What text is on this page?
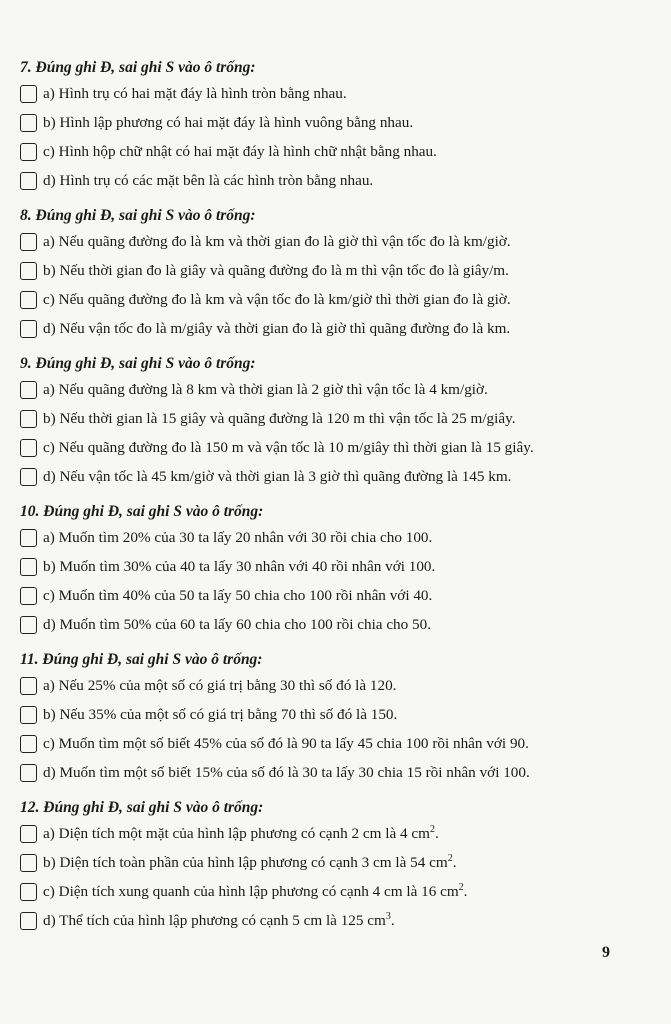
7. Đúng ghi Đ, sai ghi S vào ô trống:
a) Hình trụ có hai mặt đáy là hình tròn bằng nhau.
b) Hình lập phương có hai mặt đáy là hình vuông bằng nhau.
c) Hình hộp chữ nhật có hai mặt đáy là hình chữ nhật bằng nhau.
d) Hình trụ có các mặt bên là các hình tròn bằng nhau.
8. Đúng ghi Đ, sai ghi S vào ô trống:
a) Nếu quãng đường đo là km và thời gian đo là giờ thì vận tốc đo là km/giờ.
b) Nếu thời gian đo là giây và quãng đường đo là m thì vận tốc đo là giây/m.
c) Nếu quãng đường đo là km và vận tốc đo là km/giờ thì thời gian đo là giờ.
d) Nếu vận tốc đo là m/giây và thời gian đo là giờ thì quãng đường đo là km.
9. Đúng ghi Đ, sai ghi S vào ô trống:
a) Nếu quãng đường là 8 km và thời gian là 2 giờ thì vận tốc là 4 km/giờ.
b) Nếu thời gian là 15 giây và quãng đường là 120 m thì vận tốc là 25 m/giây.
c) Nếu quãng đường đo là 150 m và vận tốc là 10 m/giây thì thời gian là 15 giây.
d) Nếu vận tốc là 45 km/giờ và thời gian là 3 giờ thì quãng đường là 145 km.
10. Đúng ghi Đ, sai ghi S vào ô trống:
a) Muốn tìm 20% của 30 ta lấy 20 nhân với 30 rồi chia cho 100.
b) Muốn tìm 30% của 40 ta lấy 30 nhân với 40 rồi nhân với 100.
c) Muốn tìm 40% của 50 ta lấy 50 chia cho 100 rồi nhân với 40.
d) Muốn tìm 50% của 60 ta lấy 60 chia cho 100 rồi chia cho 50.
11. Đúng ghi Đ, sai ghi S vào ô trống:
a) Nếu 25% của một số có giá trị bằng 30 thì số đó là 120.
b) Nếu 35% của một số có giá trị bằng 70 thì số đó là 150.
c) Muốn tìm một số biết 45% của số đó là 90 ta lấy 45 chia 100 rồi nhân với 90.
d) Muốn tìm một số biết 15% của số đó là 30 ta lấy 30 chia 15 rồi nhân với 100.
12. Đúng ghi Đ, sai ghi S vào ô trống:
a) Diện tích một mặt của hình lập phương có cạnh 2 cm là 4 $cm^2$.
b) Diện tích toàn phần của hình lập phương có cạnh 3 cm là 54 $cm^2$.
c) Diện tích xung quanh của hình lập phương có cạnh 4 cm là 16 $cm^2$.
d) Thể tích của hình lập phương có cạnh 5 cm là 125 $cm^3$.
9
